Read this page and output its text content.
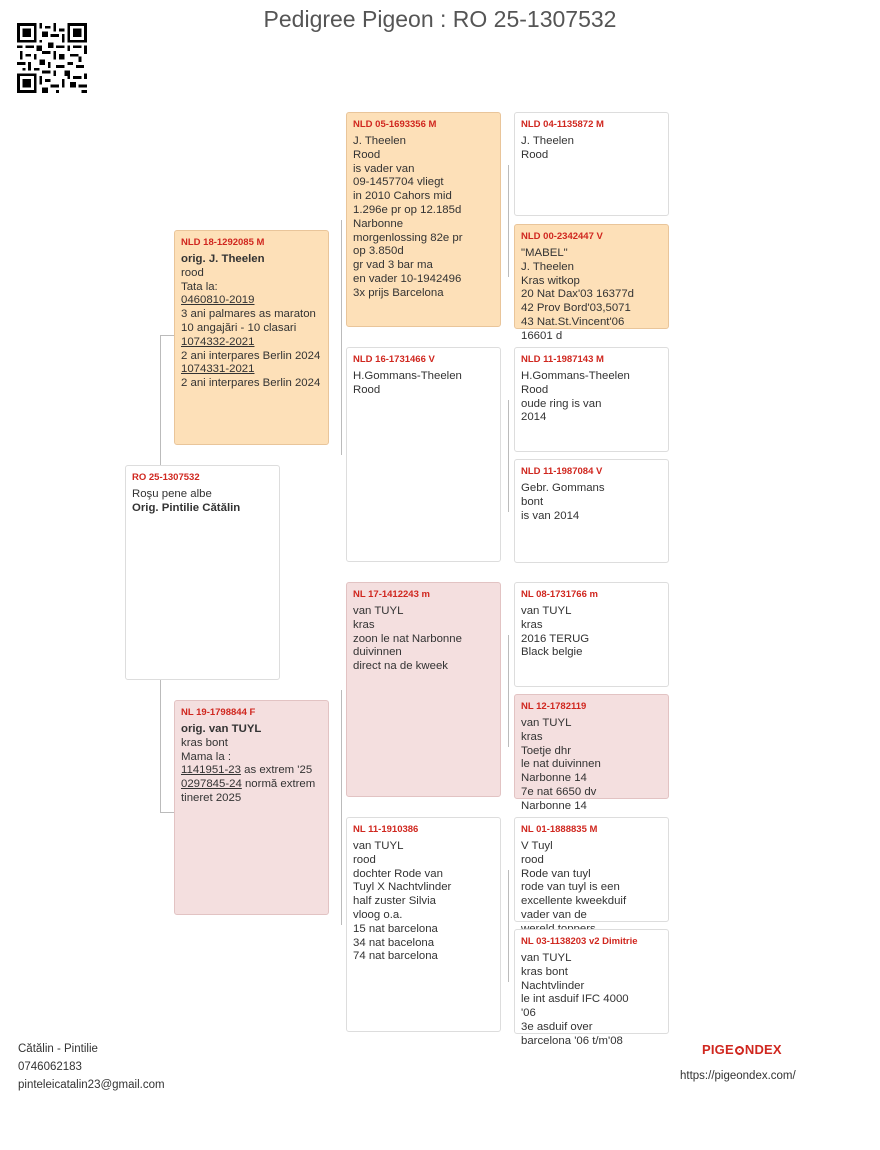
Pedigree Pigeon : RO 25-1307532
RO 25-1307532
Roşu pene albe
Orig. Pintilie Cătălin
NLD 18-1292085 M
orig. J. Theelen
rood
Tata la:
0460810-2019
3 ani palmares as maraton
10 angajări - 10 clasari
1074332-2021
2 ani interpares Berlin 2024
1074331-2021
2 ani interpares Berlin 2024
NL 19-1798844 F
orig. van TUYL
kras bont
Mama la :
1141951-23 as extrem '25
0297845-24 normă extrem
tineret 2025
NLD 05-1693356 M
J. Theelen
Rood
is vader van
09-1457704 vliegt
in 2010 Cahors mid
1.296e pr op 12.185d
Narbonne
morgenlossing 82e pr
op 3.850d
gr vad 3 bar ma
en vader 10-1942496
3x prijs Barcelona
NLD 16-1731466 V
H.Gommans-Theelen
Rood
NL 17-1412243 m
van TUYL
kras
zoon le nat Narbonne
duivinnen
direct na de kweek
NL 11-1910386
van TUYL
rood
dochter Rode van
Tuyl X Nachtvlinder
half zuster Silvia
vloog o.a.
15 nat barcelona
34 nat bacelona
74 nat barcelona
NLD 04-1135872 M
J. Theelen
Rood
NLD 00-2342447 V
"MABEL"
J. Theelen
Kras witkop
20 Nat Dax'03 16377d
42 Prov Bord'03,5071
43 Nat.St.Vincent'06
16601 d
NLD 11-1987143 M
H.Gommans-Theelen
Rood
oude ring is van
2014
NLD 11-1987084 V
Gebr. Gommans
bont
is van 2014
NL 08-1731766 m
van TUYL
kras
2016 TERUG
Black belgie
NL 12-1782119
van TUYL
kras
Toetje dhr
le nat duivinnen
Narbonne 14
7e nat 6650 dv
Narbonne 14
NL 01-1888835 M
V Tuyl
rood
Rode van tuyl
rode van tuyl is een
excellente kweekduif
vader van de
NL 03-1138203 v2 Dimitrie
van TUYL
kras bont
Nachtvlinder
le int asduif IFC 4000
'06
3e asduif over
barcelona '06 t/m'08
Cătălin - Pintilie
0746062183
pinteleicatalin23@gmail.com
PIGE NDEX
https://pigeondex.com/
